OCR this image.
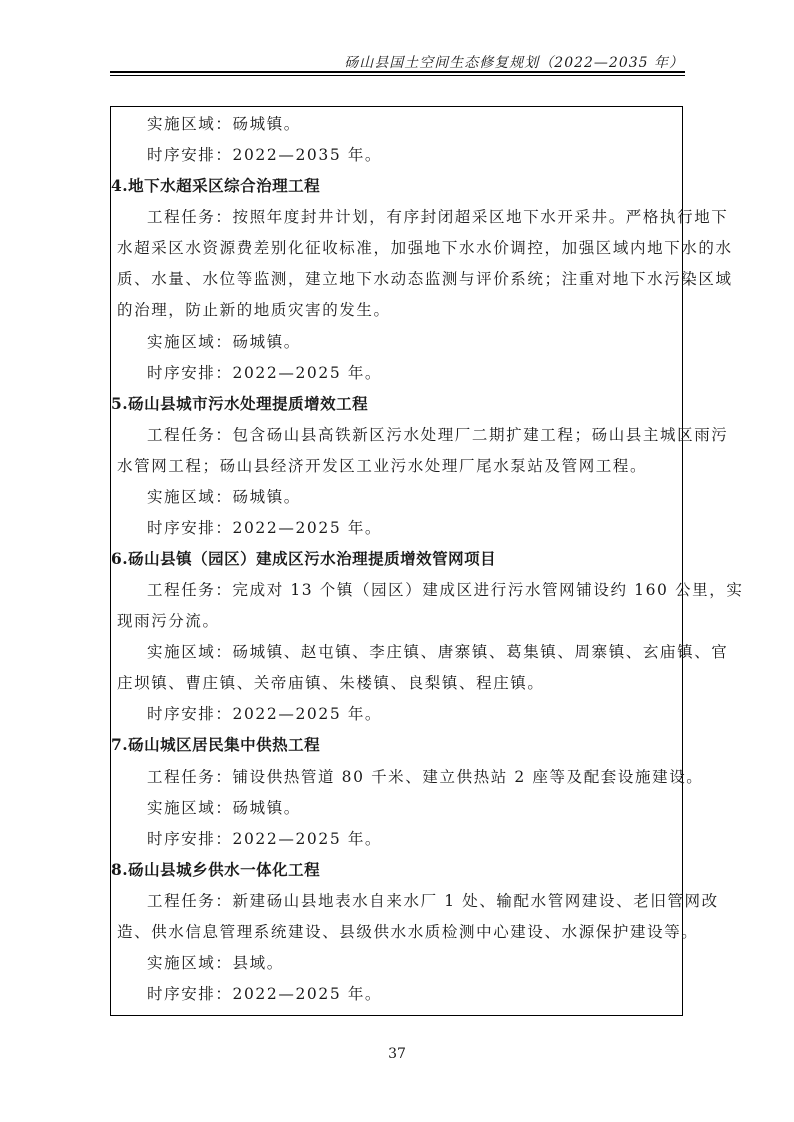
砀山县国土空间生态修复规划（2022—2035 年）
实施区域：砀城镇。
时序安排：2022—2035 年。
4.地下水超采区综合治理工程
工程任务：按照年度封井计划，有序封闭超采区地下水开采井。严格执行地下
水超采区水资源费差别化征收标准，加强地下水水价调控，加强区域内地下水的水
质、水量、水位等监测，建立地下水动态监测与评价系统；注重对地下水污染区域
的治理，防止新的地质灾害的发生。
实施区域：砀城镇。
时序安排：2022—2025 年。
5.砀山县城市污水处理提质增效工程
工程任务：包含砀山县高铁新区污水处理厂二期扩建工程；砀山县主城区雨污
水管网工程；砀山县经济开发区工业污水处理厂尾水泵站及管网工程。
实施区域：砀城镇。
时序安排：2022—2025 年。
6.砀山县镇（园区）建成区污水治理提质增效管网项目
工程任务：完成对 13 个镇（园区）建成区进行污水管网铺设约 160 公里，实
现雨污分流。
实施区域：砀城镇、赵屯镇、李庄镇、唐寨镇、葛集镇、周寨镇、玄庙镇、官
庄坝镇、曹庄镇、关帝庙镇、朱楼镇、良梨镇、程庄镇。
时序安排：2022—2025 年。
7.砀山城区居民集中供热工程
工程任务：铺设供热管道 80 千米、建立供热站 2 座等及配套设施建设。
实施区域：砀城镇。
时序安排：2022—2025 年。
8.砀山县城乡供水一体化工程
工程任务：新建砀山县地表水自来水厂 1 处、输配水管网建设、老旧管网改
造、供水信息管理系统建设、县级供水水质检测中心建设、水源保护建设等。
实施区域：县域。
时序安排：2022—2025 年。
37
